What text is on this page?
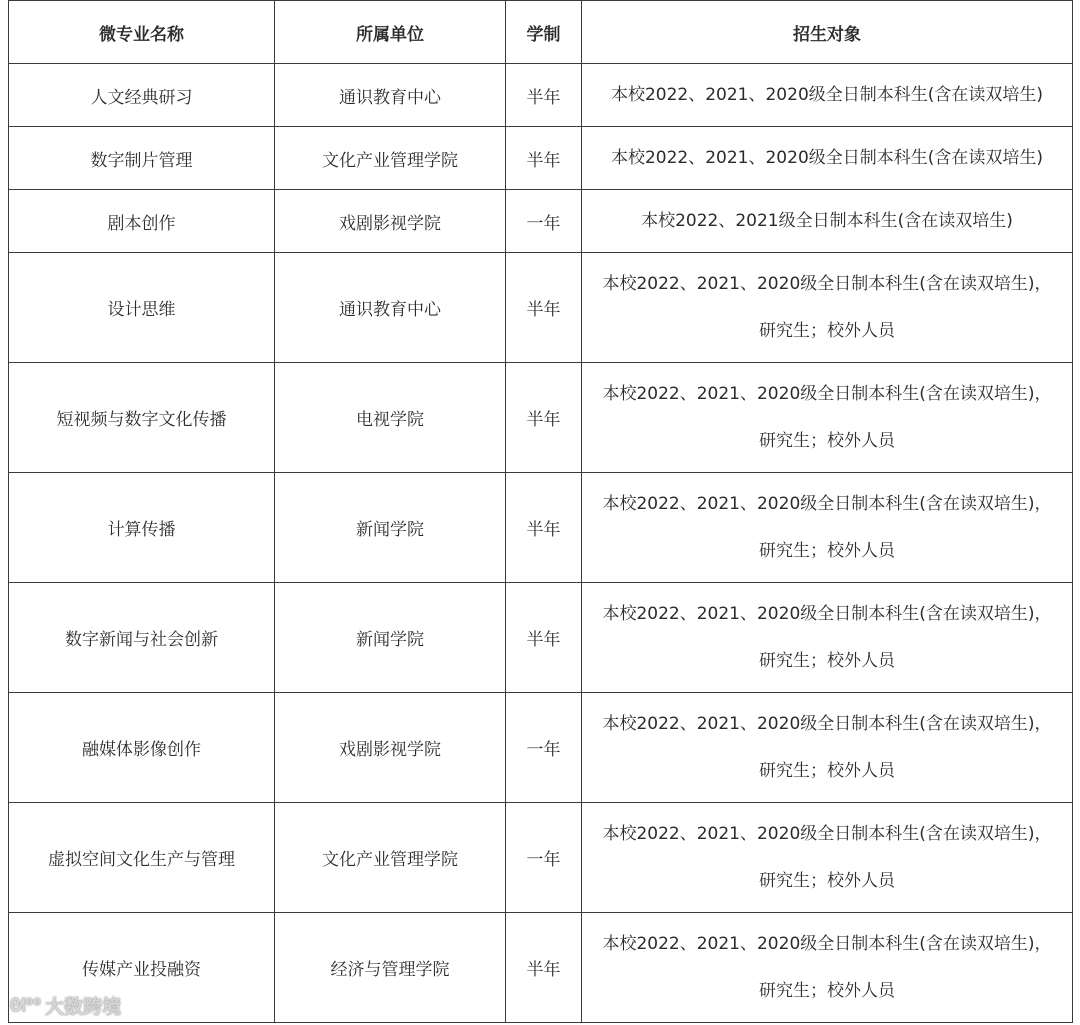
微专业名称	所属单位	学制	招生对象
人文经典研习	通识教育中心	半年	本校2022、2021、2020级全日制本科生(含在读双培生)

数字制片管理	文化产业管理学院	半年	本校2022、2021、2020级全日制本科生(含在读双培生)

剧本创作	戏剧影视学院	一年	本校2022、2021级全日制本科生(含在读双培生)

设计思维	通识教育中心	半年	本校2022、2021、2020级全日制本科生(含在读双培生)，
研究生；校外人员

短视频与数字文化传播	电视学院	半年	本校2022、2021、2020级全日制本科生(含在读双培生)，
研究生；校外人员

计算传播	新闻学院	半年	本校2022、2021、2020级全日制本科生(含在读双培生)，
研究生；校外人员

数字新闻与社会创新	新闻学院	半年	本校2022、2021、2020级全日制本科生(含在读双培生)，
研究生；校外人员

融媒体影像创作	戏剧影视学院	一年	本校2022、2021、2020级全日制本科生(含在读双培生)，
研究生；校外人员

虚拟空间文化生产与管理	文化产业管理学院	一年	本校2022、2021、2020级全日制本科生(含在读双培生)，
研究生；校外人员

传媒产业投融资	经济与管理学院	半年	本校2022、2021、2020级全日制本科生(含在读双培生)，
研究生；校外人员
ᘛ⁰⁰ 大数跨境
